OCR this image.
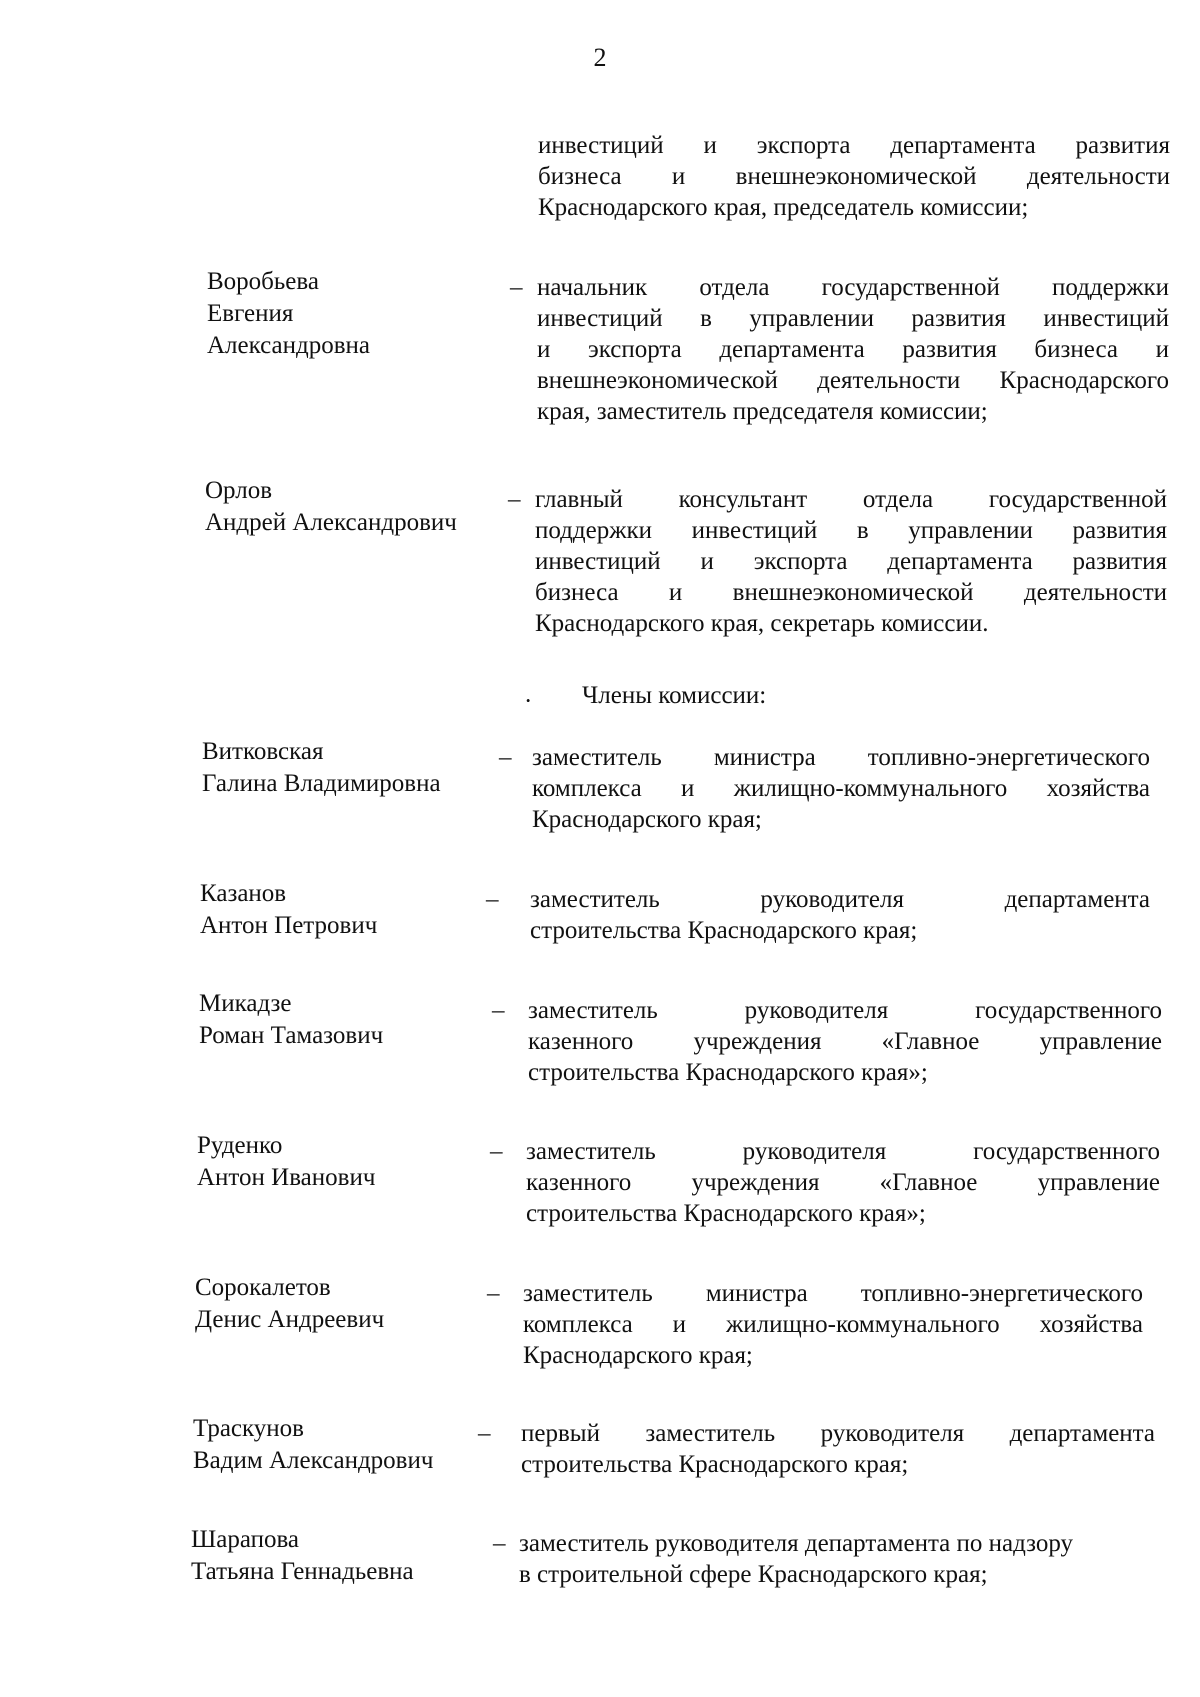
2
инвестиций и экспорта департамента развития
бизнеса и внешнеэкономической деятельности
Краснодарского края, председатель комиссии;
Воробьева
Евгения
Александровна
– начальник отдела государственной поддержки
инвестиций в управлении развития инвестиций
и экспорта департамента развития бизнеса и
внешнеэкономической деятельности Краснодарского
края, заместитель председателя комиссии;
Орлов
Андрей Александрович
– главный консультант отдела государственной
поддержки инвестиций в управлении развития
инвестиций и экспорта департамента развития
бизнеса и внешнеэкономической деятельности
Краснодарского края, секретарь комиссии.
· Члены комиссии:
Витковская
Галина Владимировна
– заместитель министра топливно-энергетического
комплекса и жилищно-коммунального хозяйства
Краснодарского края;
Казанов
Антон Петрович
– заместитель руководителя департамента
строительства Краснодарского края;
Микадзе
Роман Тамазович
– заместитель руководителя государственного
казенного учреждения «Главное управление
строительства Краснодарского края»;
Руденко
Антон Иванович
– заместитель руководителя государственного
казенного учреждения «Главное управление
строительства Краснодарского края»;
Сорокалетов
Денис Андреевич
– заместитель министра топливно-энергетического
комплекса и жилищно-коммунального хозяйства
Краснодарского края;
Траскунов
Вадим Александрович
– первый заместитель руководителя департамента
строительства Краснодарского края;
Шарапова
Татьяна Геннадьевна
– заместитель руководителя департамента по надзору
в строительной сфере Краснодарского края;
